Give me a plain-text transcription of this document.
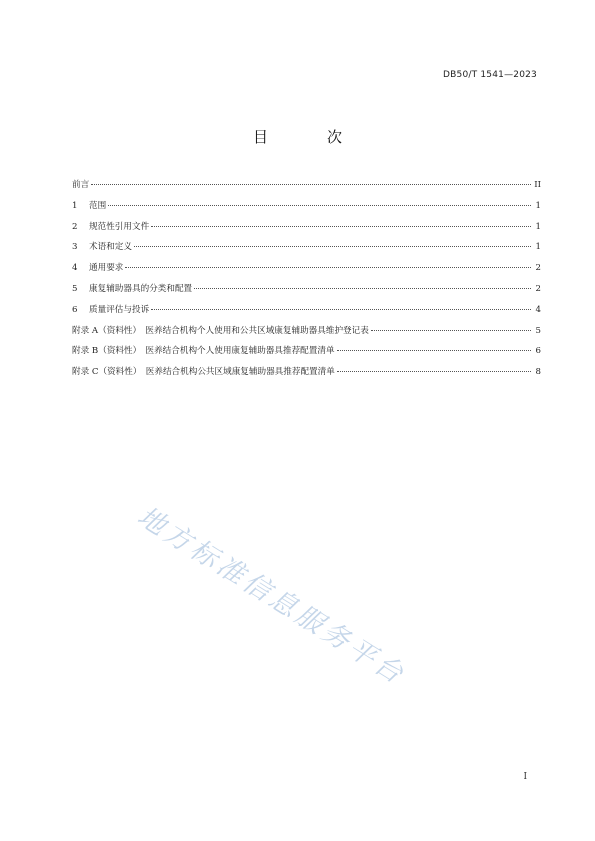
DB50/T 1541—2023
目　次
前言	II
1	范围	1
2	规范性引用文件	1
3	术语和定义	1
4	通用要求	2
5	康复辅助器具的分类和配置	2
6	质量评估与投诉	4
附录 A（资料性）　医养结合机构个人使用和公共区域康复辅助器具维护登记表	5
附录 B（资料性）　医养结合机构个人使用康复辅助器具推荐配置清单	6
附录 C（资料性）　医养结合机构公共区域康复辅助器具推荐配置清单	8
地方标准信息服务平台
I
